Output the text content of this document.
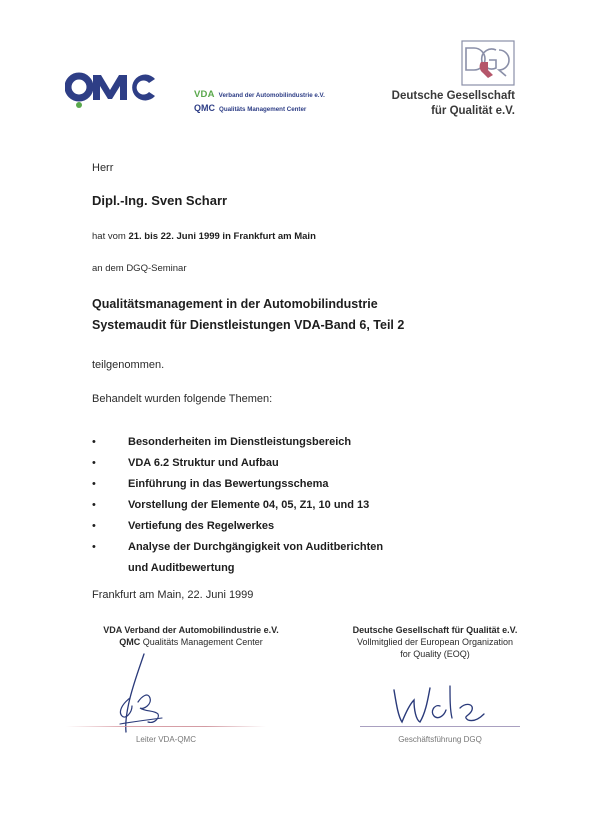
VDA Verband der Automobilindustrie e.V.
QMC Qualitäts Management Center
Deutsche Gesellschaft
für Qualität e.V.
Herr
Dipl.-Ing. Sven Scharr
hat vom 21. bis 22. Juni 1999 in Frankfurt am Main
an dem DGQ-Seminar
Qualitätsmanagement in der Automobilindustrie
Systemaudit für Dienstleistungen VDA-Band 6, Teil 2
teilgenommen.
Behandelt wurden folgende Themen:
•	Besonderheiten im Dienstleistungsbereich
•	VDA 6.2 Struktur und Aufbau
•	Einführung in das Bewertungsschema
•	Vorstellung der Elemente 04, 05, Z1, 10 und 13
•	Vertiefung des Regelwerkes
•	Analyse der Durchgängigkeit von Auditberichten
und Auditbewertung
Frankfurt am Main, 22. Juni 1999
VDA Verband der Automobilindustrie e.V.
QMC Qualitäts Management Center
Deutsche Gesellschaft für Qualität e.V.
Vollmitglied der European Organization
for Quality (EOQ)
Leiter VDA-QMC	Geschäftsführung DGQ
